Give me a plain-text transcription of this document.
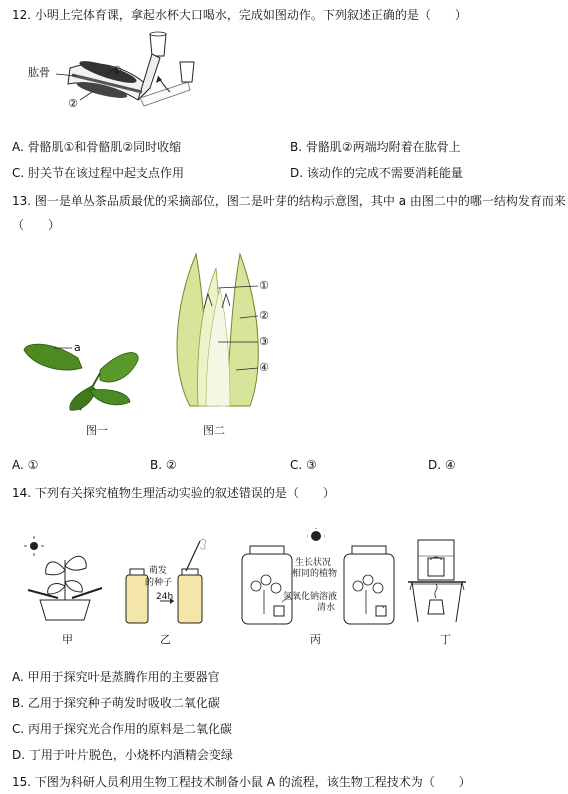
12. 小明上完体育课，拿起水杯大口喝水，完成如图动作。下列叙述正确的是（　　）
肱骨	①
②
A. 骨骼肌①和骨骼肌②同时收缩	B. 骨骼肌②两端均附着在肱骨上
C. 肘关节在该过程中起支点作用	D. 该动作的完成不需要消耗能量
13. 图一是单丛茶品质最优的采摘部位，图二是叶芽的结构示意图，其中 a 由图二中的哪一结构发育而来
（　　）
a
图一
①
②
③
④
图二
A. ①	B. ②	C. ③	D. ④
14. 下列有关探究植物生理活动实验的叙述错误的是（　　）
甲
萌发
的种子
24h
乙
生长状况
相同的植物
氢氧化钠溶液
清水
丙	丁
A. 甲用于探究叶是蒸腾作用的主要器官
B. 乙用于探究种子萌发时吸收二氧化碳
C. 丙用于探究光合作用的原料是二氧化碳
D. 丁用于叶片脱色，小烧杯内酒精会变绿
15. 下图为科研人员利用生物工程技术制备小鼠 A 的流程，该生物工程技术为（　　）
